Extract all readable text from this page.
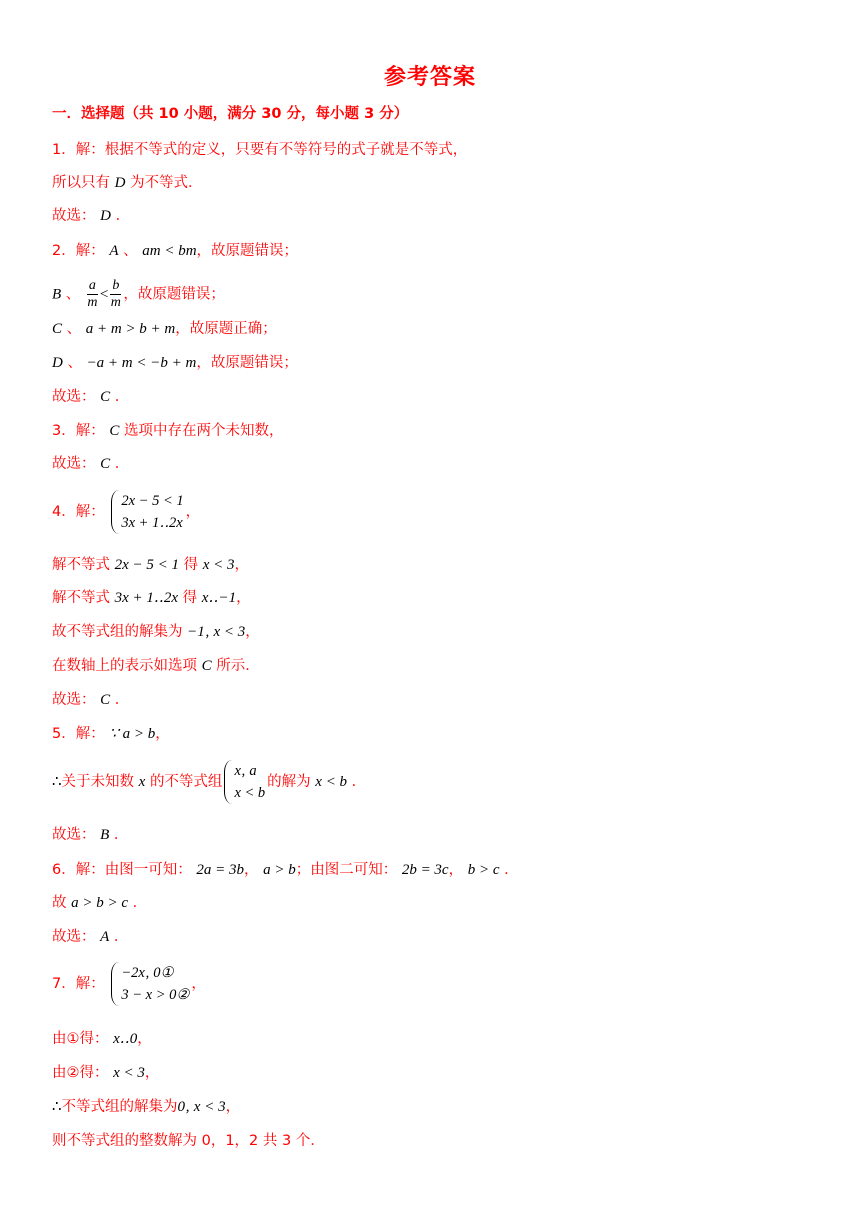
参考答案
一．选择题（共 10 小题，满分 30 分，每小题 3 分）
1．解：根据不等式的定义，只要有不等符号的式子就是不等式，
所以只有 D 为不等式．
故选： D ．
2．解： A 、 am < bm，故原题错误；
B 、 $\frac{a}{m} < \frac{b}{m}$ ，故原题错误；
C 、 a + m > b + m，故原题正确；
D 、 −a + m < −b + m，故原题错误；
故选： C ．
3．解： C 选项中存在两个未知数，
故选： C ．
4．解：
2x − 5 < 1
3x + 1‥2x
，
解不等式 2x − 5 < 1 得 x < 3，
解不等式 3x + 1‥2x 得 x‥−1，
故不等式组的解集为 −1‚ x < 3，
在数轴上的表示如选项 C 所示．
故选： C ．
5．解： ∵ a > b，
∴关于未知数 x 的不等式组
x‚ a
x < b
的解为 x < b ．
故选： B ．
6．解：由图一可知： 2a = 3b， a > b；由图二可知： 2b = 3c， b > c ．
故 a > b > c ．
故选： A ．
7．解：
−2x‚ 0①
3 − x > 0②
，
由①得： x‥0，
由②得： x < 3，
∴不等式组的解集为0‚ x < 3，
则不等式组的整数解为 0，1，2 共 3 个．
